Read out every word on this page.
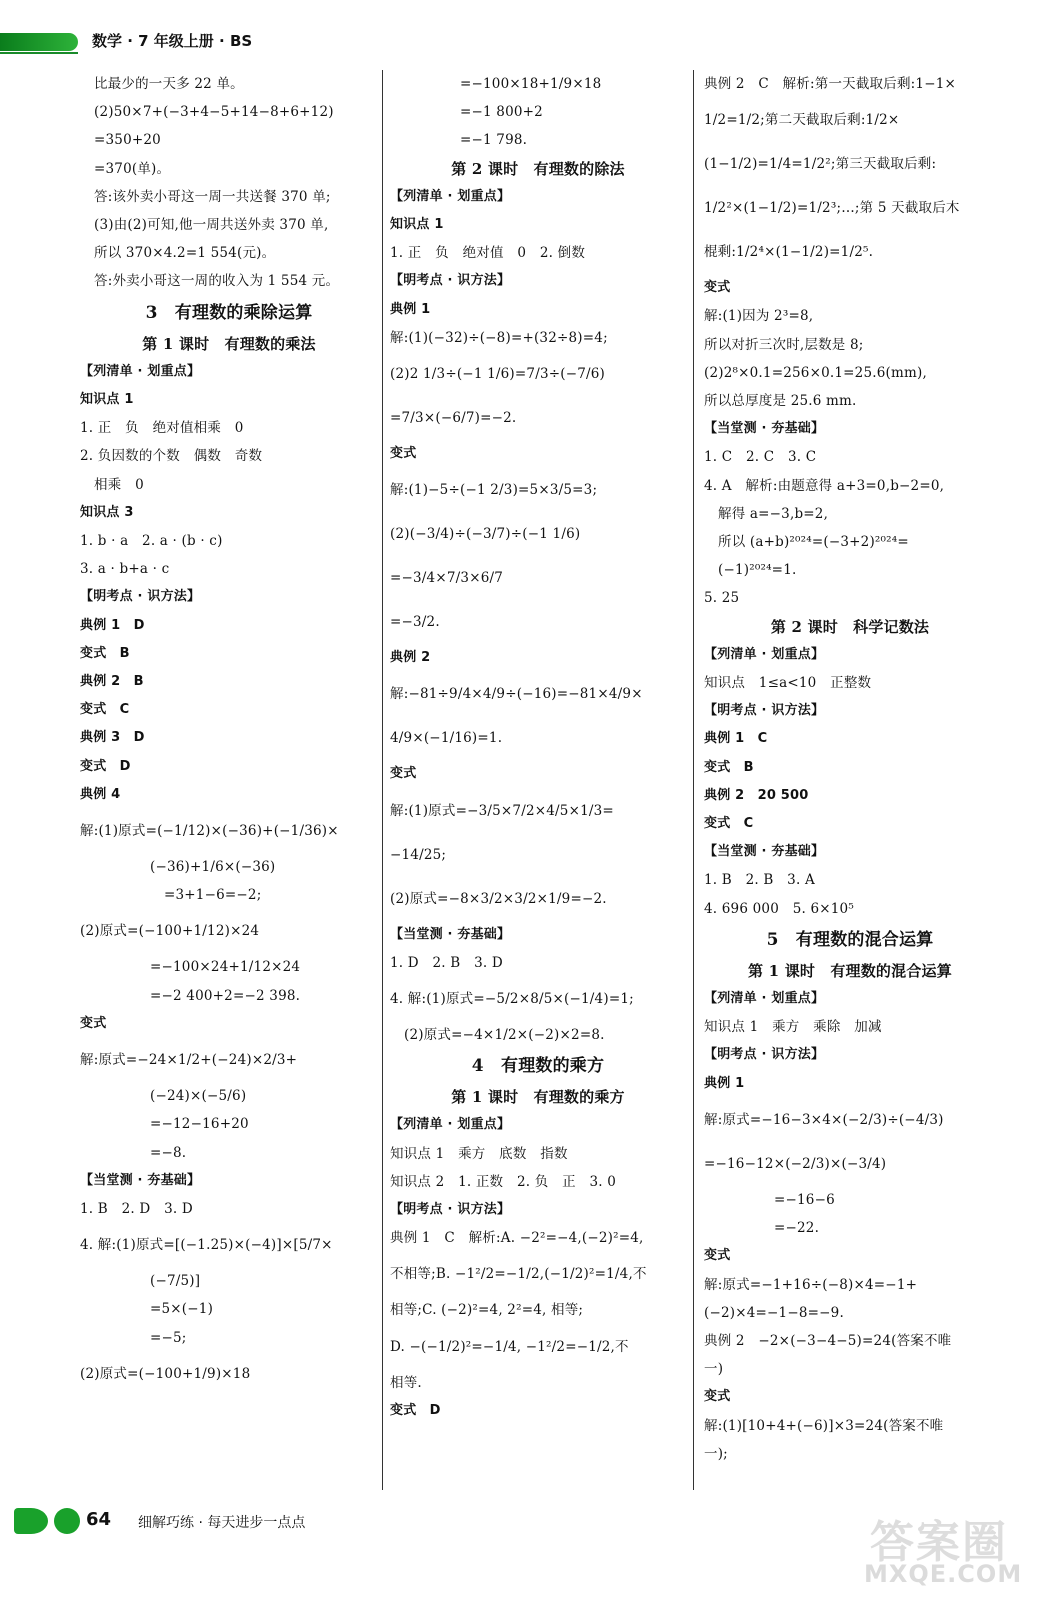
数学 · 7 年级上册 · BS
比最少的一天多 22 单。
(2)50×7+(−3+4−5+14−8+6+12)
=350+20
=370(单)。
答:该外卖小哥这一周一共送餐 370 单;
(3)由(2)可知,他一周共送外卖 370 单,
所以 370×4.2=1 554(元)。
答:外卖小哥这一周的收入为 1 554 元。
3　有理数的乘除运算
第 1 课时　有理数的乘法
【列清单 · 划重点】
知识点 1
1. 正　负　绝对值相乘　0
2. 负因数的个数　偶数　奇数
相乘　0
知识点 3
1. b · a　2. a · (b · c)
3. a · b+a · c
【明考点 · 识方法】
典例 1　D
变式　B
典例 2　B
变式　C
典例 3　D
变式　D
典例 4
解:(1)原式=(−1/12)×(−36)+(−1/36)×
(−36)+1/6×(−36)
=3+1−6=−2;
(2)原式=(−100+1/12)×24
=−100×24+1/12×24
=−2 400+2=−2 398.
变式
解:原式=−24×1/2+(−24)×2/3+
(−24)×(−5/6)
=−12−16+20
=−8.
【当堂测 · 夯基础】
1. B　2. D　3. D
4. 解:(1)原式=[(−1.25)×(−4)]×[5/7×
(−7/5)]
=5×(−1)
=−5;
(2)原式=(−100+1/9)×18
=−100×18+1/9×18
=−1 800+2
=−1 798.
第 2 课时　有理数的除法
【列清单 · 划重点】
知识点 1
1. 正　负　绝对值　0　2. 倒数
【明考点 · 识方法】
典例 1
解:(1)(−32)÷(−8)=+(32÷8)=4;
(2)2 1/3÷(−1 1/6)=7/3÷(−7/6)
=7/3×(−6/7)=−2.
变式
解:(1)−5÷(−1 2/3)=5×3/5=3;
(2)(−3/4)÷(−3/7)÷(−1 1/6)
=−3/4×7/3×6/7
=−3/2.
典例 2
解:−81÷9/4×4/9÷(−16)=−81×4/9×
4/9×(−1/16)=1.
变式
解:(1)原式=−3/5×7/2×4/5×1/3=
−14/25;
(2)原式=−8×3/2×3/2×1/9=−2.
【当堂测 · 夯基础】
1. D　2. B　3. D
4. 解:(1)原式=−5/2×8/5×(−1/4)=1;
(2)原式=−4×1/2×(−2)×2=8.
4　有理数的乘方
第 1 课时　有理数的乘方
【列清单 · 划重点】
知识点 1　乘方　底数　指数
知识点 2　1. 正数　2. 负　正　3. 0
【明考点 · 识方法】
典例 1　C　解析:A. −2²=−4,(−2)²=4,
不相等;B. −1²/2=−1/2,(−1/2)²=1/4,不
相等;C. (−2)²=4, 2²=4, 相等;
D. −(−1/2)²=−1/4, −1²/2=−1/2,不
相等.
变式　D
典例 2　C　解析:第一天截取后剩:1−1×
1/2=1/2;第二天截取后剩:1/2×
(1−1/2)=1/4=1/2²;第三天截取后剩:
1/2²×(1−1/2)=1/2³;…;第 5 天截取后木
棍剩:1/2⁴×(1−1/2)=1/2⁵.
变式
解:(1)因为 2³=8,
所以对折三次时,层数是 8;
(2)2⁸×0.1=256×0.1=25.6(mm),
所以总厚度是 25.6 mm.
【当堂测 · 夯基础】
1. C　2. C　3. C
4. A　解析:由题意得 a+3=0,b−2=0,
解得 a=−3,b=2,
所以 (a+b)²⁰²⁴=(−3+2)²⁰²⁴=
(−1)²⁰²⁴=1.
5. 25
第 2 课时　科学记数法
【列清单 · 划重点】
知识点　1≤a<10　正整数
【明考点 · 识方法】
典例 1　C
变式　B
典例 2　20 500
变式　C
【当堂测 · 夯基础】
1. B　2. B　3. A
4. 696 000　5. 6×10⁵
5　有理数的混合运算
第 1 课时　有理数的混合运算
【列清单 · 划重点】
知识点 1　乘方　乘除　加减
【明考点 · 识方法】
典例 1
解:原式=−16−3×4×(−2/3)÷(−4/3)
=−16−12×(−2/3)×(−3/4)
=−16−6
=−22.
变式
解:原式=−1+16÷(−8)×4=−1+
(−2)×4=−1−8=−9.
典例 2　−2×(−3−4−5)=24(答案不唯
一)
变式
解:(1)[10+4+(−6)]×3=24(答案不唯
一);
64 细解巧练 · 每天进步一点点	答案圈
MXQE.COM
